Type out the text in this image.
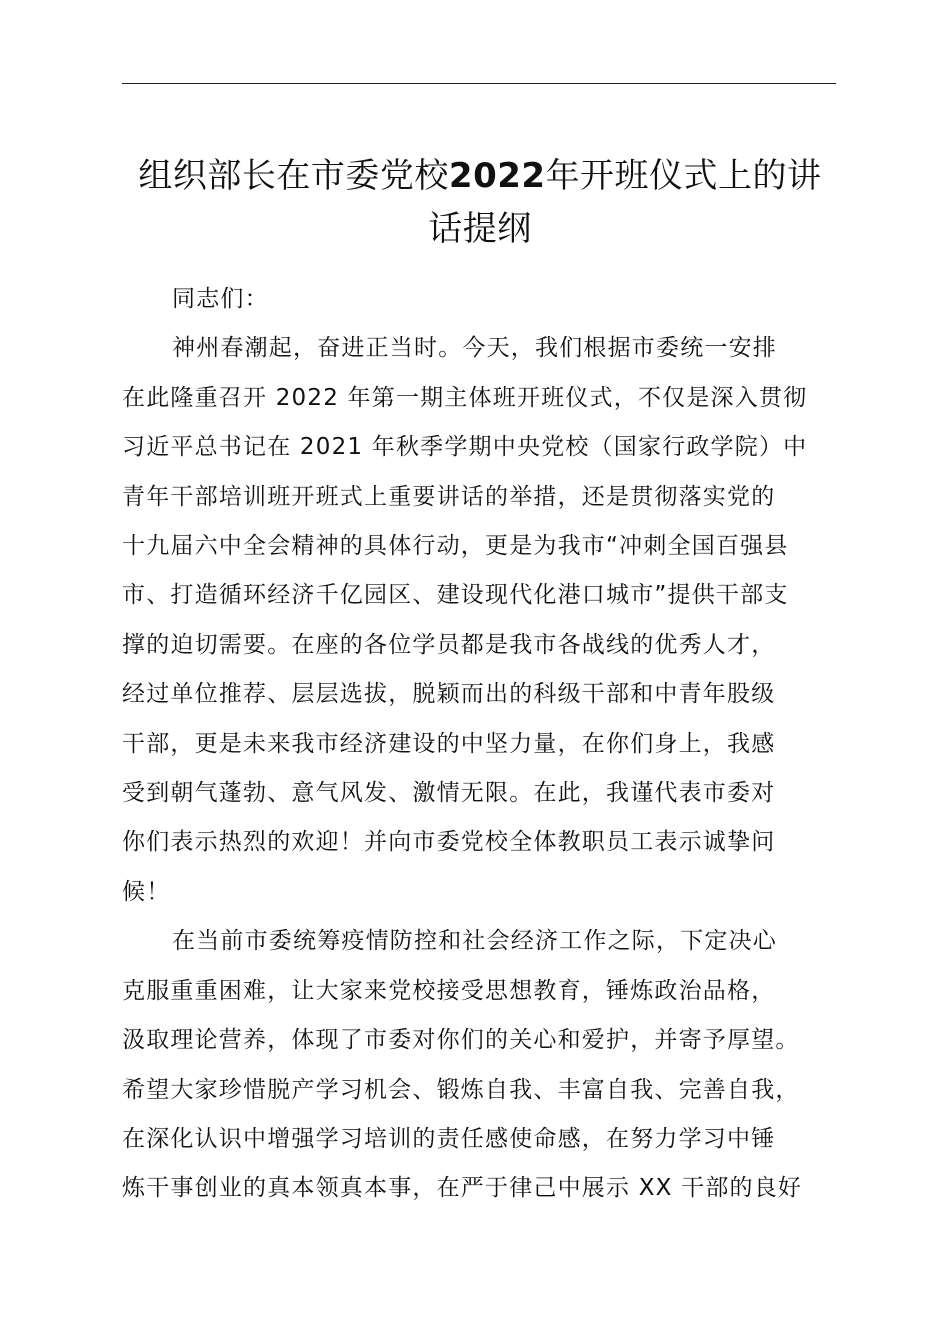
组织部长在市委党校2022年开班仪式上的讲
话提纲

同志们：

神州春潮起，奋进正当时。今天，我们根据市委统一安排
在此隆重召开 2022 年第一期主体班开班仪式，不仅是深入贯彻
习近平总书记在 2021 年秋季学期中央党校（国家行政学院）中
青年干部培训班开班式上重要讲话的举措，还是贯彻落实党的
十九届六中全会精神的具体行动，更是为我市“冲刺全国百强县
市、打造循环经济千亿园区、建设现代化港口城市”提供干部支
撑的迫切需要。在座的各位学员都是我市各战线的优秀人才，
经过单位推荐、层层选拔，脱颖而出的科级干部和中青年股级
干部，更是未来我市经济建设的中坚力量，在你们身上，我感
受到朝气蓬勃、意气风发、激情无限。在此，我谨代表市委对
你们表示热烈的欢迎！并向市委党校全体教职员工表示诚挚问
候！

在当前市委统筹疫情防控和社会经济工作之际，下定决心
克服重重困难，让大家来党校接受思想教育，锤炼政治品格，
汲取理论营养，体现了市委对你们的关心和爱护，并寄予厚望。
希望大家珍惜脱产学习机会、锻炼自我、丰富自我、完善自我，
在深化认识中增强学习培训的责任感使命感，在努力学习中锤
炼干事创业的真本领真本事，在严于律己中展示 XX 干部的良好
